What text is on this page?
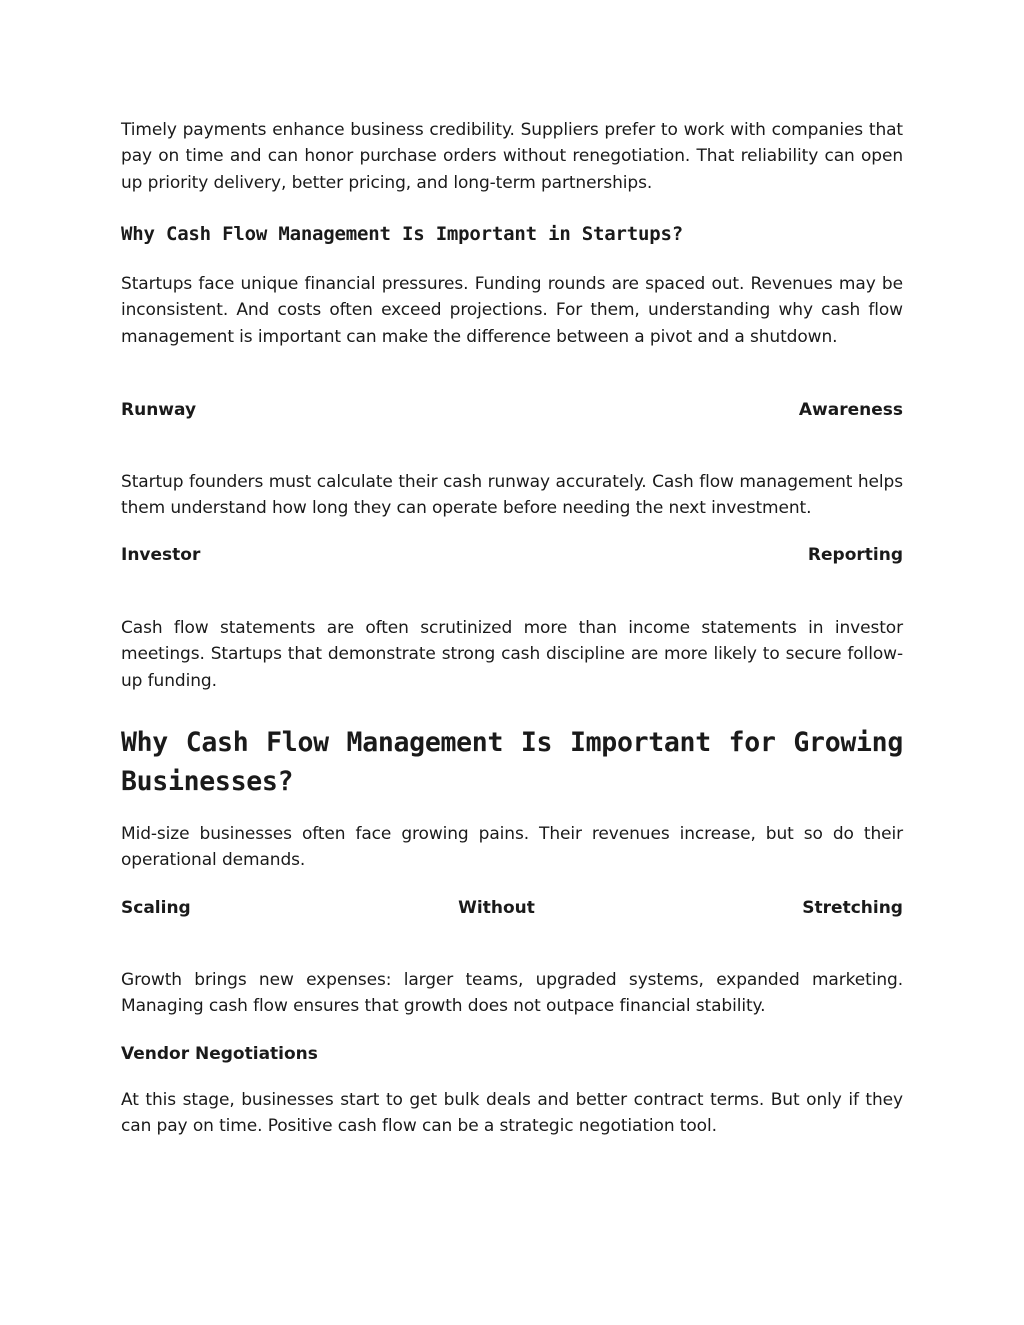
Timely payments enhance business credibility. Suppliers prefer to work with companies that pay on time and can honor purchase orders without renegotiation. That reliability can open up priority delivery, better pricing, and long-term partnerships.

Why Cash Flow Management Is Important in Startups?

Startups face unique financial pressures. Funding rounds are spaced out. Revenues may be inconsistent. And costs often exceed projections. For them, understanding why cash flow management is important can make the difference between a pivot and a shutdown.

Runway	Awareness

Startup founders must calculate their cash runway accurately. Cash flow management helps them understand how long they can operate before needing the next investment.

Investor	Reporting

Cash flow statements are often scrutinized more than income statements in investor meetings. Startups that demonstrate strong cash discipline are more likely to secure follow-up funding.

Why Cash Flow Management Is Important for Growing Businesses?

Mid-size businesses often face growing pains. Their revenues increase, but so do their operational demands.

Scaling	Without	Stretching

Growth brings new expenses: larger teams, upgraded systems, expanded marketing. Managing cash flow ensures that growth does not outpace financial stability.

Vendor Negotiations

At this stage, businesses start to get bulk deals and better contract terms. But only if they can pay on time. Positive cash flow can be a strategic negotiation tool.
